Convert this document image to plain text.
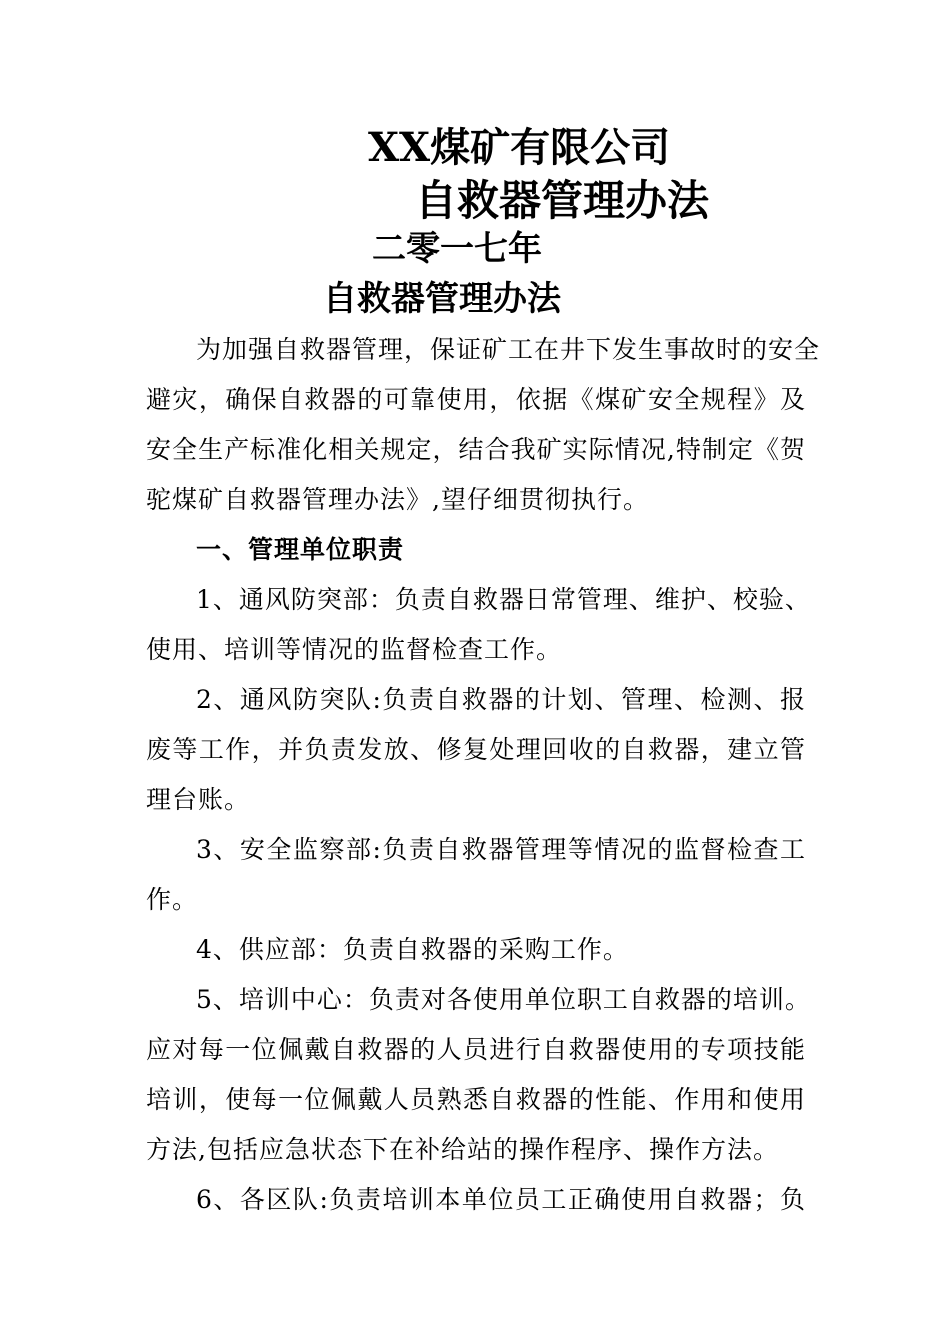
XX煤矿有限公司
自救器管理办法
二零一七年
自救器管理办法
为加强自救器管理，保证矿工在井下发生事故时的安全
避灾，确保自救器的可靠使用，依据《煤矿安全规程》及
安全生产标准化相关规定，结合我矿实际情况,特制定《贺
驼煤矿自救器管理办法》,望仔细贯彻执行。
一、管理单位职责
1、通风防突部：负责自救器日常管理、维护、校验、
使用、培训等情况的监督检查工作。
2、通风防突队:负责自救器的计划、管理、检测、报
废等工作，并负责发放、修复处理回收的自救器，建立管
理台账。
3、安全监察部:负责自救器管理等情况的监督检查工
作。
4、供应部：负责自救器的采购工作。
5、培训中心：负责对各使用单位职工自救器的培训。
应对每一位佩戴自救器的人员进行自救器使用的专项技能
培训，使每一位佩戴人员熟悉自救器的性能、作用和使用
方法,包括应急状态下在补给站的操作程序、操作方法。
6、各区队:负责培训本单位员工正确使用自救器；负
